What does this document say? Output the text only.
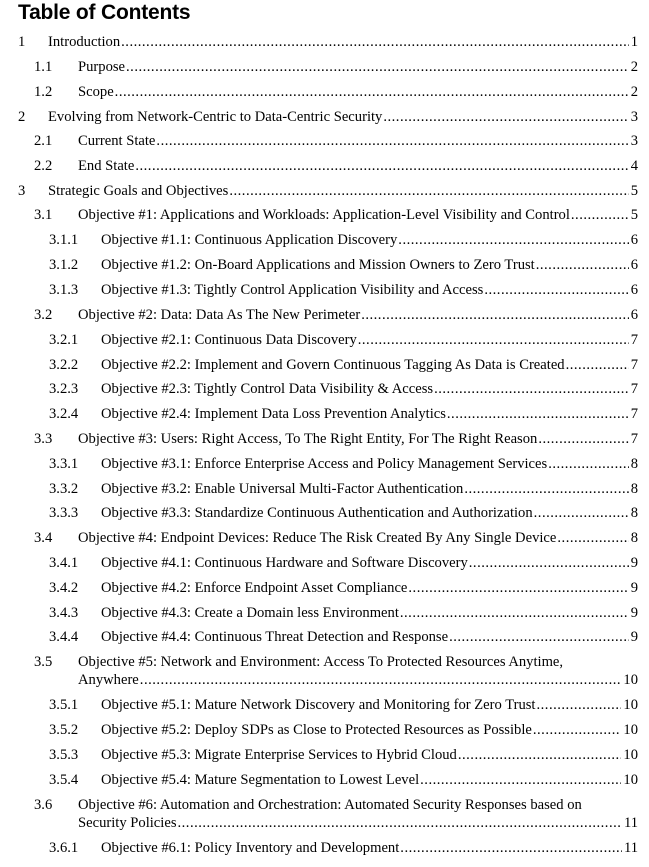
Table of Contents
1 Introduction .....	1
1.1 Purpose .....	2
1.2 Scope .....	2
2 Evolving from Network-Centric to Data-Centric Security .....	3
2.1 Current State .....	3
2.2 End State .....	4
3 Strategic Goals and Objectives .....	5
3.1 Objective #1: Applications and Workloads: Application-Level Visibility and Control .....	5
3.1.1 Objective #1.1: Continuous Application Discovery .....	6
3.1.2 Objective #1.2: On-Board Applications and Mission Owners to Zero Trust .....	6
3.1.3 Objective #1.3: Tightly Control Application Visibility and Access .....	6
3.2 Objective #2: Data: Data As The New Perimeter .....	6
3.2.1 Objective #2.1: Continuous Data Discovery .....	7
3.2.2 Objective #2.2: Implement and Govern Continuous Tagging As Data is Created .....	7
3.2.3 Objective #2.3: Tightly Control Data Visibility & Access .....	7
3.2.4 Objective #2.4: Implement Data Loss Prevention Analytics .....	7
3.3 Objective #3: Users: Right Access, To The Right Entity, For The Right Reason .....	7
3.3.1 Objective #3.1: Enforce Enterprise Access and Policy Management Services .....	8
3.3.2 Objective #3.2: Enable Universal Multi-Factor Authentication .....	8
3.3.3 Objective #3.3: Standardize Continuous Authentication and Authorization .....	8
3.4 Objective #4: Endpoint Devices: Reduce The Risk Created By Any Single Device .....	8
3.4.1 Objective #4.1: Continuous Hardware and Software Discovery .....	9
3.4.2 Objective #4.2: Enforce Endpoint Asset Compliance .....	9
3.4.3 Objective #4.3: Create a Domain less Environment .....	9
3.4.4 Objective #4.4: Continuous Threat Detection and Response .....	9
3.5 Objective #5: Network and Environment: Access To Protected Resources Anytime,
Anywhere .....	10
3.5.1 Objective #5.1: Mature Network Discovery and Monitoring for Zero Trust .....	10
3.5.2 Objective #5.2: Deploy SDPs as Close to Protected Resources as Possible .....	10
3.5.3 Objective #5.3: Migrate Enterprise Services to Hybrid Cloud .....	10
3.5.4 Objective #5.4: Mature Segmentation to Lowest Level .....	10
3.6 Objective #6: Automation and Orchestration: Automated Security Responses based on
Security Policies .....	11
3.6.1 Objective #6.1: Policy Inventory and Development .....	11
